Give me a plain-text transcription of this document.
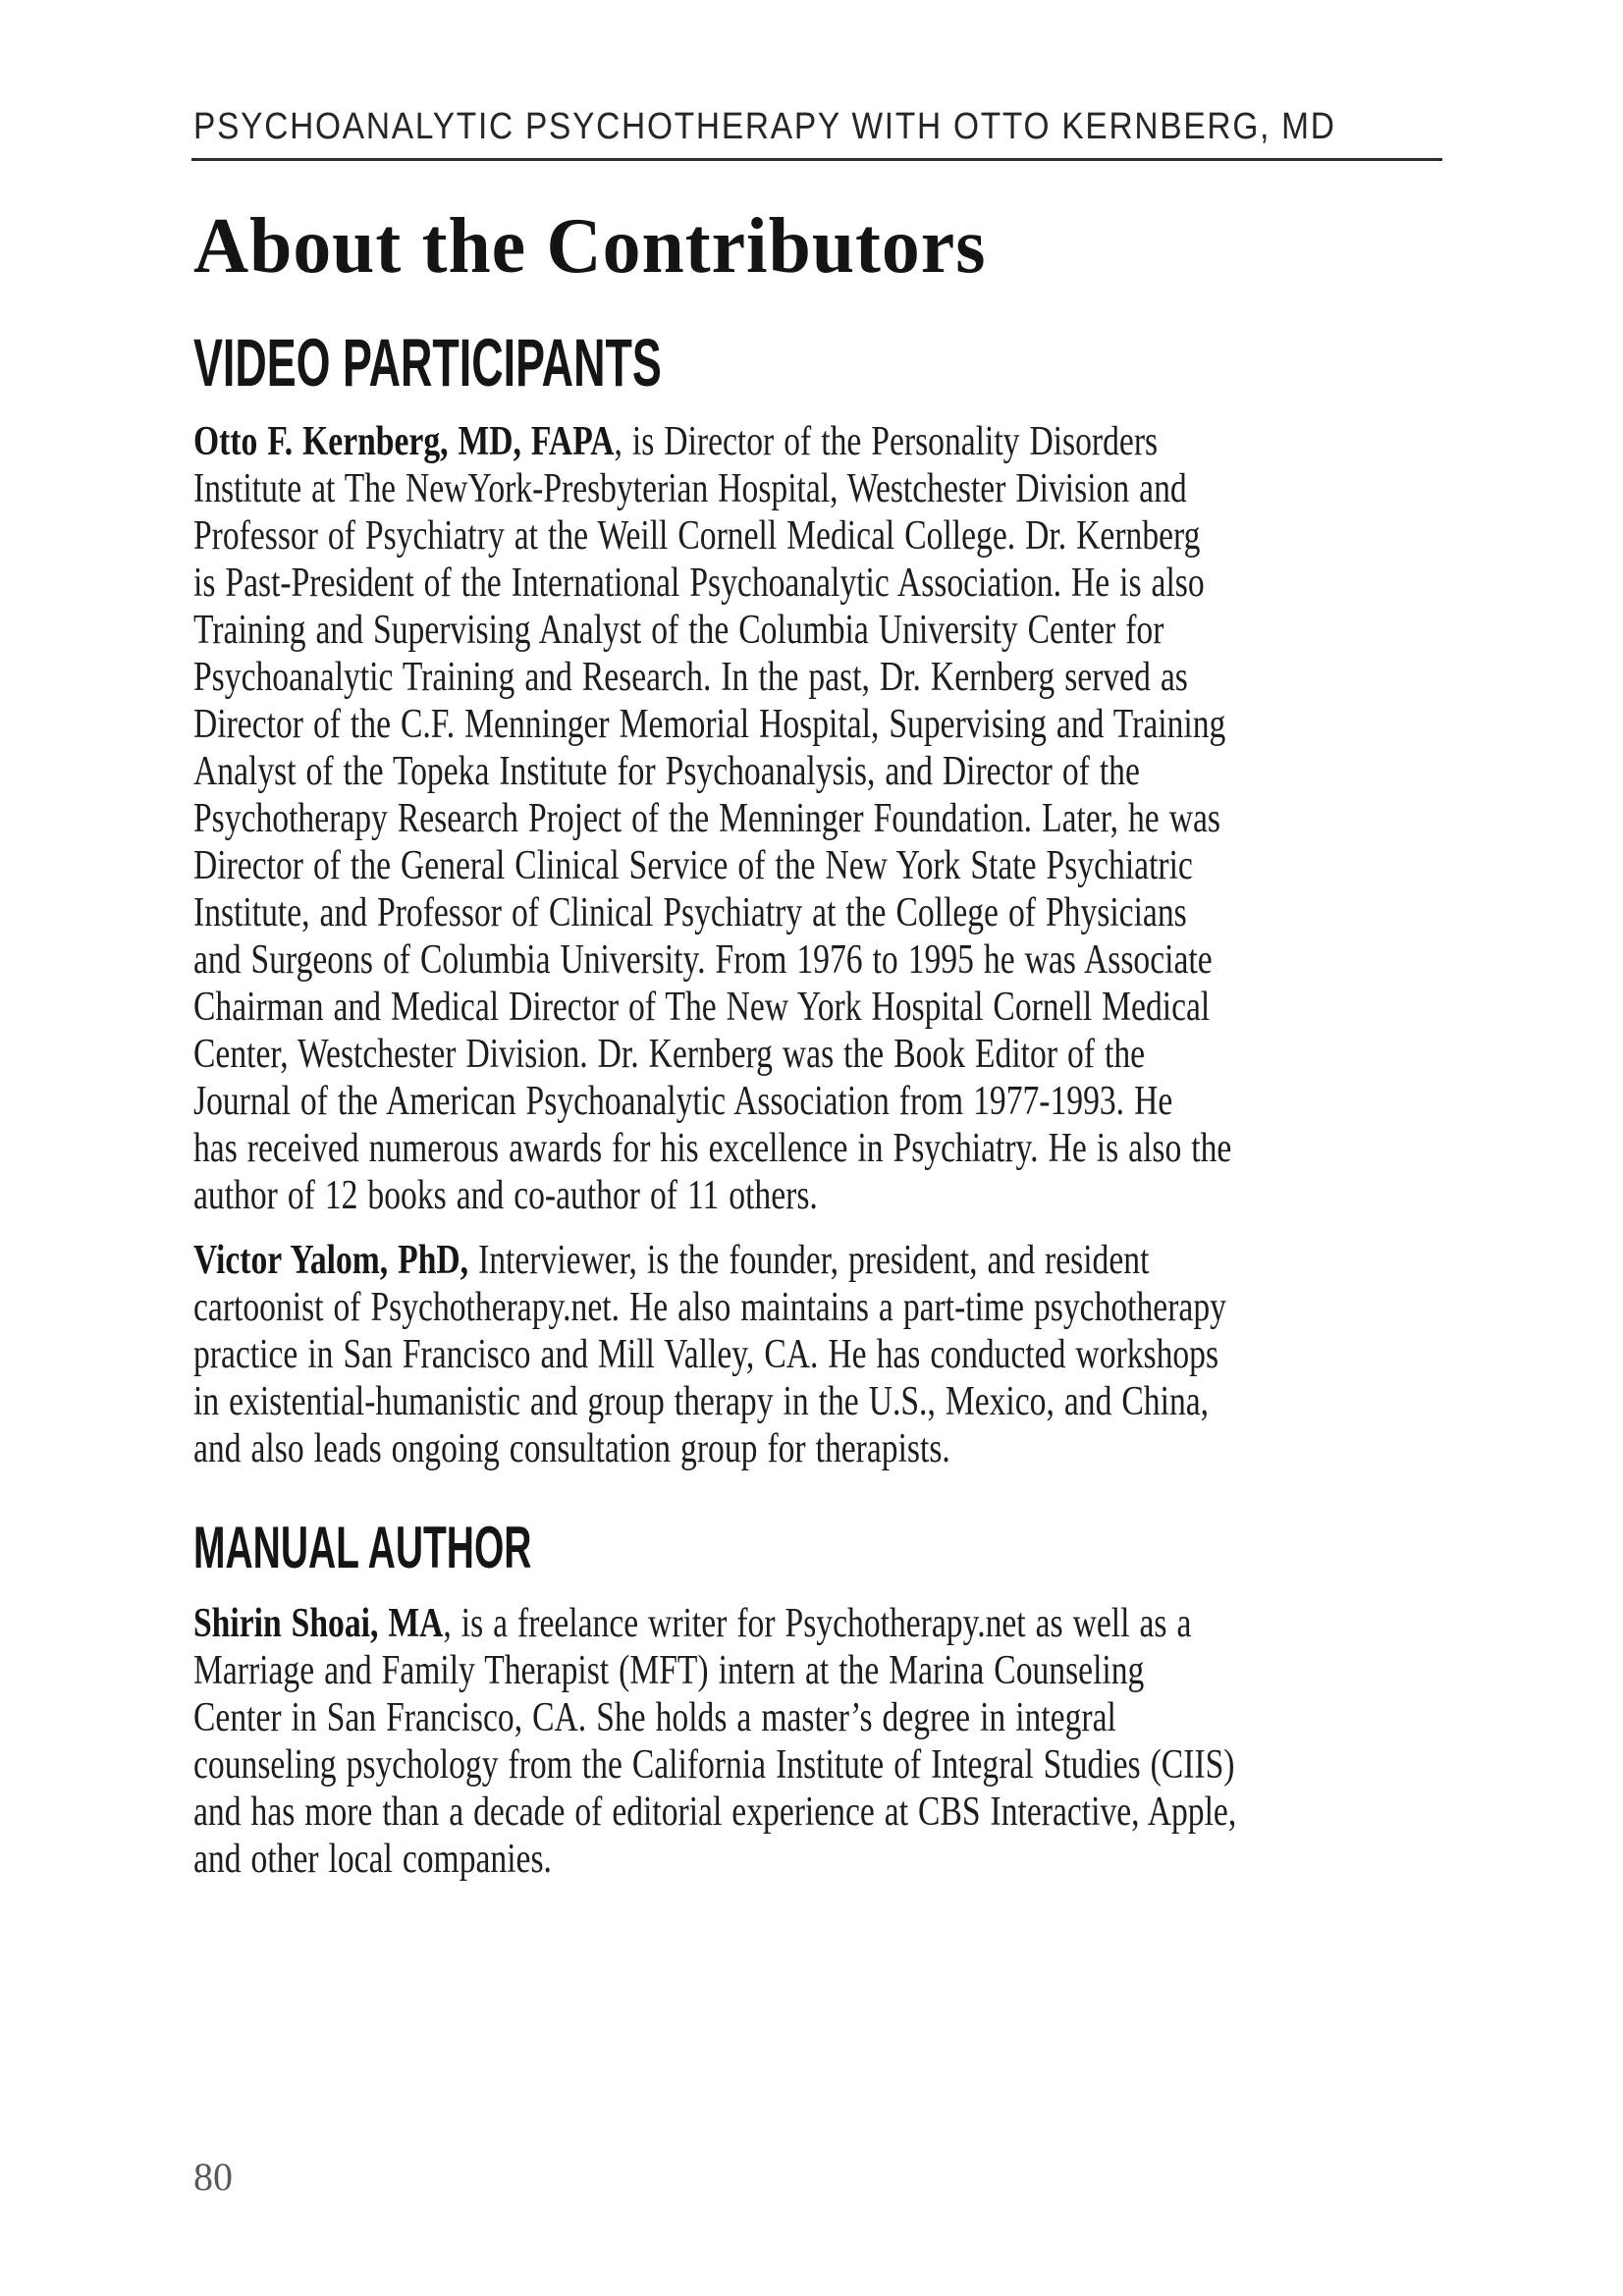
PSYCHOANALYTIC PSYCHOTHERAPY WITH OTTO KERNBERG, MD
About the Contributors
VIDEO PARTICIPANTS

Otto F. Kernberg, MD, FAPA, is Director of the Personality Disorders
Institute at The NewYork-Presbyterian Hospital, Westchester Division and
Professor of Psychiatry at the Weill Cornell Medical College. Dr. Kernberg
is Past-President of the International Psychoanalytic Association. He is also
Training and Supervising Analyst of the Columbia University Center for
Psychoanalytic Training and Research. In the past, Dr. Kernberg served as
Director of the C.F. Menninger Memorial Hospital, Supervising and Training
Analyst of the Topeka Institute for Psychoanalysis, and Director of the
Psychotherapy Research Project of the Menninger Foundation. Later, he was
Director of the General Clinical Service of the New York State Psychiatric
Institute, and Professor of Clinical Psychiatry at the College of Physicians
and Surgeons of Columbia University. From 1976 to 1995 he was Associate
Chairman and Medical Director of The New York Hospital Cornell Medical
Center, Westchester Division. Dr. Kernberg was the Book Editor of the
Journal of the American Psychoanalytic Association from 1977-1993. He
has received numerous awards for his excellence in Psychiatry. He is also the
author of 12 books and co-author of 11 others.

Victor Yalom, PhD, Interviewer, is the founder, president, and resident
cartoonist of Psychotherapy.net. He also maintains a part-time psychotherapy
practice in San Francisco and Mill Valley, CA. He has conducted workshops
in existential-humanistic and group therapy in the U.S., Mexico, and China,
and also leads ongoing consultation group for therapists.

MANUAL AUTHOR

Shirin Shoai, MA, is a freelance writer for Psychotherapy.net as well as a
Marriage and Family Therapist (MFT) intern at the Marina Counseling
Center in San Francisco, CA. She holds a master’s degree in integral
counseling psychology from the California Institute of Integral Studies (CIIS)
and has more than a decade of editorial experience at CBS Interactive, Apple,
and other local companies.

80
